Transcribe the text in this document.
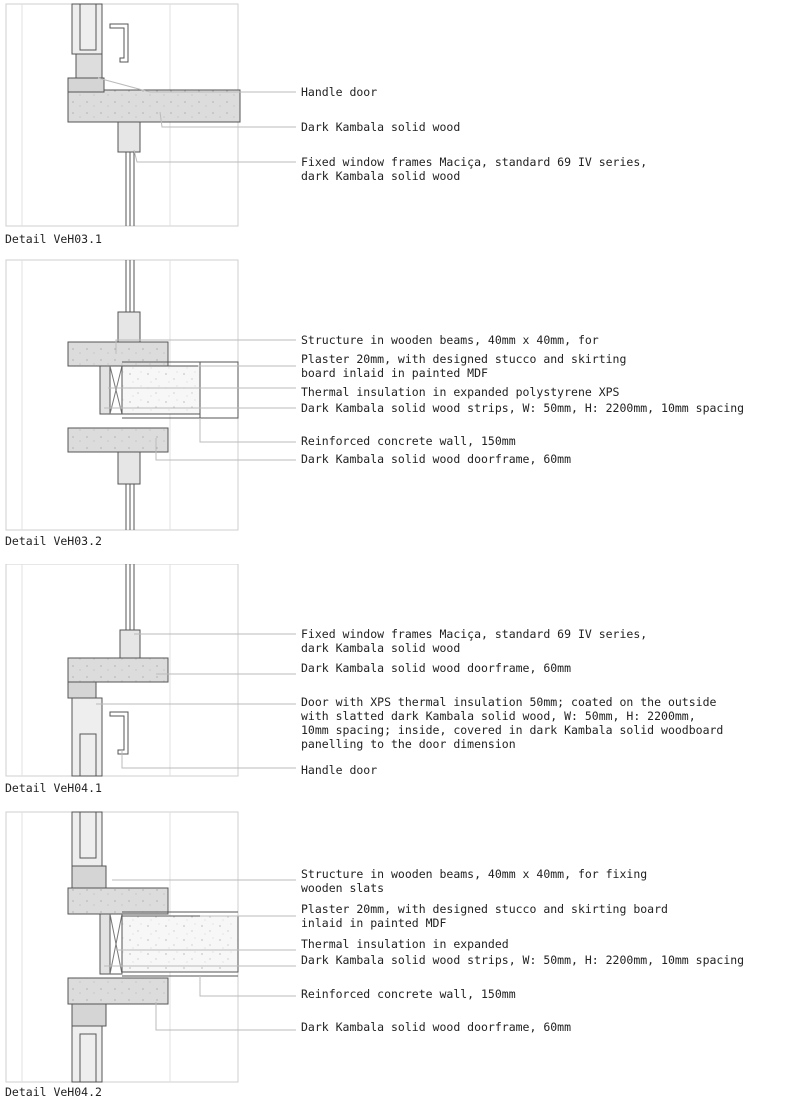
Handle door
Dark Kambala solid wood
Fixed window frames Maciça, standard 69 IV series,
dark Kambala solid wood
Detail VeH03.1
Structure in wooden beams, 40mm x 40mm, for
Plaster 20mm, with designed stucco and skirting
board inlaid in painted MDF
Thermal insulation in expanded polystyrene XPS
Dark Kambala solid wood strips, W: 50mm, H: 2200mm, 10mm spacing
Reinforced concrete wall, 150mm
Dark Kambala solid wood doorframe, 60mm
Detail VeH03.2
Fixed window frames Maciça, standard 69 IV series,
dark Kambala solid wood
Dark Kambala solid wood doorframe, 60mm
Door with XPS thermal insulation 50mm; coated on the outside
with slatted dark Kambala solid wood, W: 50mm, H: 2200mm,
10mm spacing; inside, covered in dark Kambala solid woodboard
panelling to the door dimension
Handle door
Detail VeH04.1
Structure in wooden beams, 40mm x 40mm, for fixing
wooden slats
Plaster 20mm, with designed stucco and skirting board
inlaid in painted MDF
Thermal insulation in expanded
Dark Kambala solid wood strips, W: 50mm, H: 2200mm, 10mm spacing
Reinforced concrete wall, 150mm
Dark Kambala solid wood doorframe, 60mm
Detail VeH04.2
